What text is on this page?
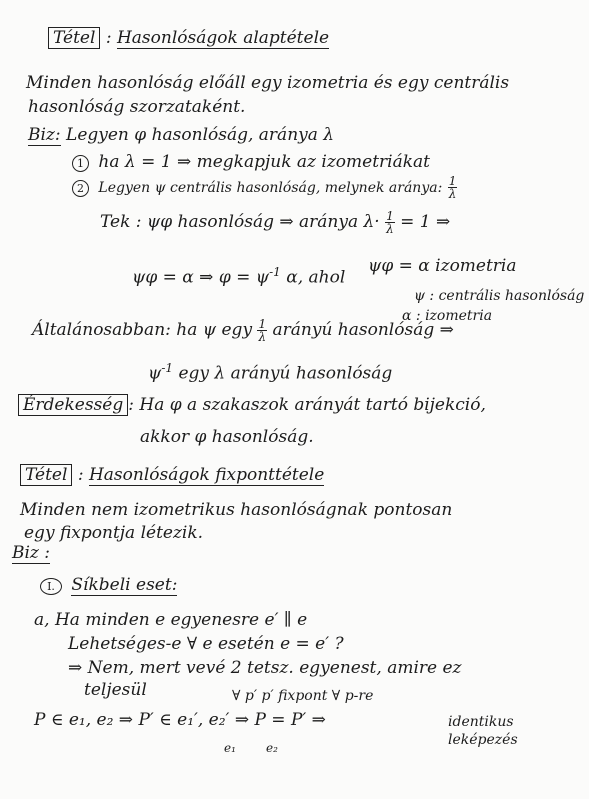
Tétel : Hasonlóságok alaptétele
Minden hasonlóság előáll egy izometria és egy centrális
hasonlóság szorzataként.
Biz: Legyen φ hasonlóság, aránya λ
1 ha λ = 1 ⇒ megkapjuk az izometriákat
2 Legyen ψ centrális hasonlóság, melynek aránya: $\frac{1}{\lambda}$
Tek : ψφ hasonlóság ⇒ aránya $\lambda\cdot \frac{1}{\lambda} = 1$ ⇒
ψφ = α ⇒ $\varphi = \psi^{-1}$ α, ahol
ψφ = α izometria
ψ : centrális hasonlóság
α : izometria
Általánosabban: ha ψ egy $\frac{1}{\lambda}$ arányú hasonlóság ⇒
$\psi^{-1}$ egy λ arányú hasonlóság
Érdekesség : Ha φ a szakaszok arányát tartó bijekció,
akkor φ hasonlóság.
Tétel : Hasonlóságok fixponttétele
Minden nem izometrikus hasonlóságnak pontosan
egy fixpontja létezik.
Biz :
I. Síkbeli eset:
a, Ha minden e egyenesre e′ ∥ e
Lehetséges-e ∀ e esetén e = e′ ?
⇒ Nem, mert vevé 2 tetsz. egyenest, amire ez
teljesül	∀ p′ p′ fixpont ∀ p-re
P ∈ e₁, e₂ ⇒ P′ ∈ e₁′, e₂′ ⇒ P = P′ ⇒	identikus
leképezés
e₁	e₂
